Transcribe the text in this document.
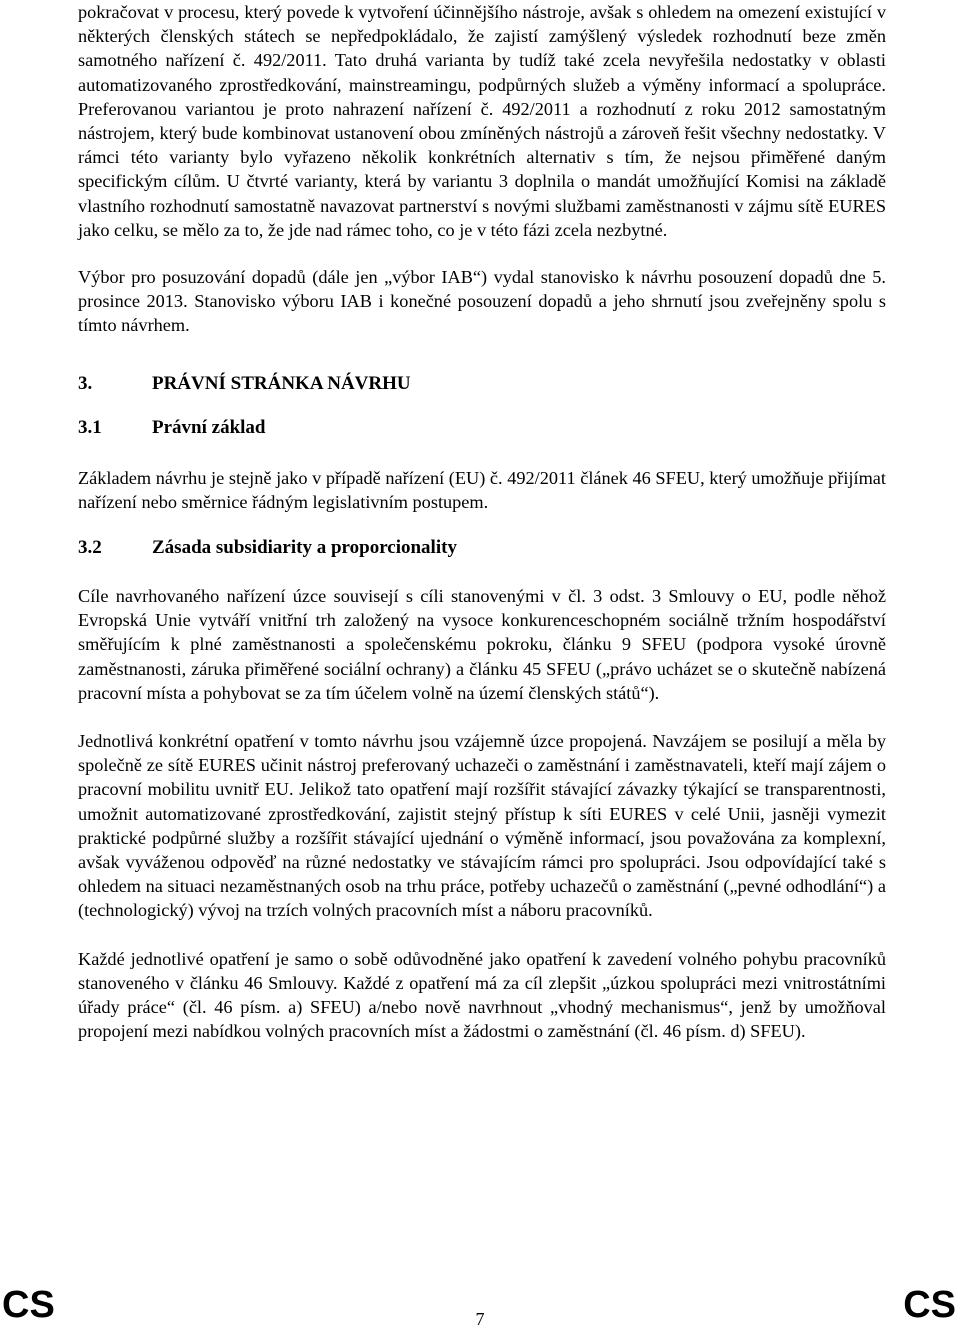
pokračovat v procesu, který povede k vytvoření účinnějšího nástroje, avšak s ohledem na omezení existující v některých členských státech se nepředpokládalo, že zajistí zamýšlený výsledek rozhodnutí beze změn samotného nařízení č. 492/2011. Tato druhá varianta by tudíž také zcela nevyřešila nedostatky v oblasti automatizovaného zprostředkování, mainstreamingu, podpůrných služeb a výměny informací a spolupráce. Preferovanou variantou je proto nahrazení nařízení č. 492/2011 a rozhodnutí z roku 2012 samostatným nástrojem, který bude kombinovat ustanovení obou zmíněných nástrojů a zároveň řešit všechny nedostatky. V rámci této varianty bylo vyřazeno několik konkrétních alternativ s tím, že nejsou přiměřené daným specifickým cílům. U čtvrté varianty, která by variantu 3 doplnila o mandát umožňující Komisi na základě vlastního rozhodnutí samostatně navazovat partnerství s novými službami zaměstnanosti v zájmu sítě EURES jako celku, se mělo za to, že jde nad rámec toho, co je v této fázi zcela nezbytné.

Výbor pro posuzování dopadů (dále jen „výbor IAB“) vydal stanovisko k návrhu posouzení dopadů dne 5. prosince 2013. Stanovisko výboru IAB i konečné posouzení dopadů a jeho shrnutí jsou zveřejněny spolu s tímto návrhem.

3.	PRÁVNÍ STRÁNKA NÁVRHU
3.1	Právní základ

Základem návrhu je stejně jako v případě nařízení (EU) č. 492/2011 článek 46 SFEU, který umožňuje přijímat nařízení nebo směrnice řádným legislativním postupem.

3.2	Zásada subsidiarity a proporcionality

Cíle navrhovaného nařízení úzce souvisejí s cíli stanovenými v čl. 3 odst. 3 Smlouvy o EU, podle něhož Evropská Unie vytváří vnitřní trh založený na vysoce konkurenceschopném sociálně tržním hospodářství směřujícím k plné zaměstnanosti a společenskému pokroku, článku 9 SFEU (podpora vysoké úrovně zaměstnanosti, záruka přiměřené sociální ochrany) a článku 45 SFEU („právo ucházet se o skutečně nabízená pracovní místa a pohybovat se za tím účelem volně na území členských států“).

Jednotlivá konkrétní opatření v tomto návrhu jsou vzájemně úzce propojená. Navzájem se posilují a měla by společně ze sítě EURES učinit nástroj preferovaný uchazeči o zaměstnání i zaměstnavateli, kteří mají zájem o pracovní mobilitu uvnitř EU. Jelikož tato opatření mají rozšířit stávající závazky týkající se transparentnosti, umožnit automatizované zprostředkování, zajistit stejný přístup k síti EURES v celé Unii, jasněji vymezit praktické podpůrné služby a rozšířit stávající ujednání o výměně informací, jsou považována za komplexní, avšak vyváženou odpověď na různé nedostatky ve stávajícím rámci pro spolupráci. Jsou odpovídající také s ohledem na situaci nezaměstnaných osob na trhu práce, potřeby uchazečů o zaměstnání („pevné odhodlání“) a (technologický) vývoj na trzích volných pracovních míst a náboru pracovníků.

Každé jednotlivé opatření je samo o sobě odůvodněné jako opatření k zavedení volného pohybu pracovníků stanoveného v článku 46 Smlouvy. Každé z opatření má za cíl zlepšit „úzkou spolupráci mezi vnitrostátními úřady práce“ (čl. 46 písm. a) SFEU) a/nebo nově navrhnout „vhodný mechanismus“, jenž by umožňoval propojení mezi nabídkou volných pracovních míst a žádostmi o zaměstnání (čl. 46 písm. d) SFEU).

CS	7	CS
